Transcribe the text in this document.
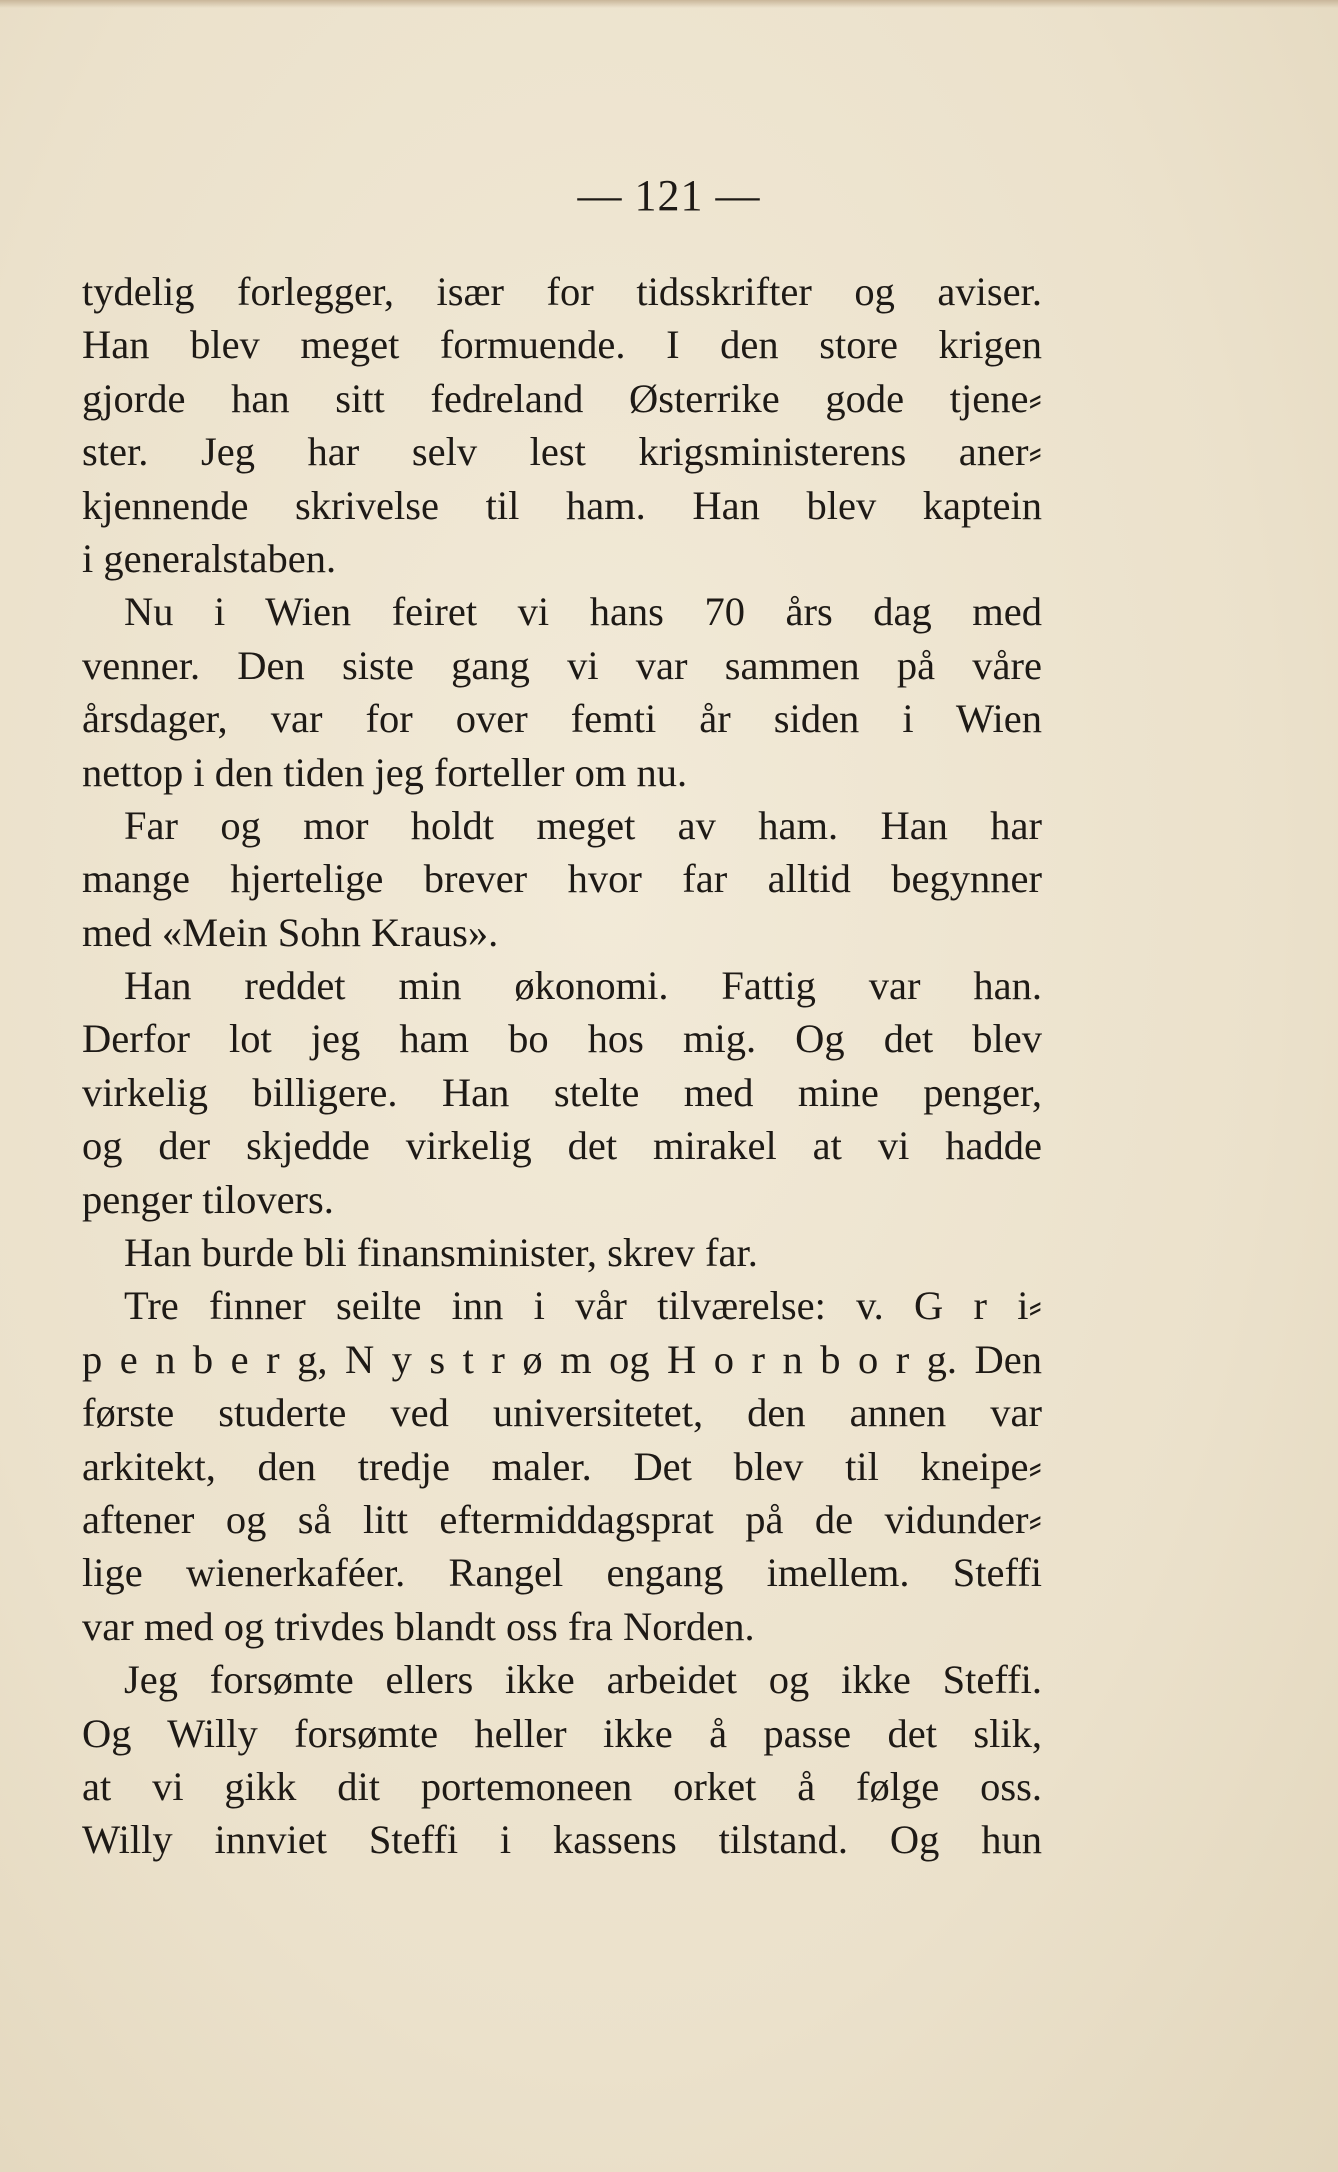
— 121 —
tydelig forlegger, især for tidsskrifter og aviser.
Han blev meget formuende. I den store krigen
gjorde han sitt fedreland Østerrike gode tjene⸗
ster. Jeg har selv lest krigsministerens aner⸗
kjennende skrivelse til ham. Han blev kaptein
i generalstaben.
Nu i Wien feiret vi hans 70 års dag med
venner. Den siste gang vi var sammen på våre
årsdager, var for over femti år siden i Wien
nettop i den tiden jeg forteller om nu.
Far og mor holdt meget av ham. Han har
mange hjertelige brever hvor far alltid begynner
med «Mein Sohn Kraus».
Han reddet min økonomi. Fattig var han.
Derfor lot jeg ham bo hos mig. Og det blev
virkelig billigere. Han stelte med mine penger,
og der skjedde virkelig det mirakel at vi hadde
penger tilovers.
Han burde bli finansminister, skrev far.
Tre finner seilte inn i vår tilværelse: v. G r i⸗
p e n b e r g, N y s t r ø m og H o r n b o r g. Den
første studerte ved universitetet, den annen var
arkitekt, den tredje maler. Det blev til kneipe⸗
aftener og så litt eftermiddagsprat på de vidunder⸗
lige wienerkaféer. Rangel engang imellem. Steffi
var med og trivdes blandt oss fra Norden.
Jeg forsømte ellers ikke arbeidet og ikke Steffi.
Og Willy forsømte heller ikke å passe det slik,
at vi gikk dit portemoneen orket å følge oss.
Willy innviet Steffi i kassens tilstand. Og hun
